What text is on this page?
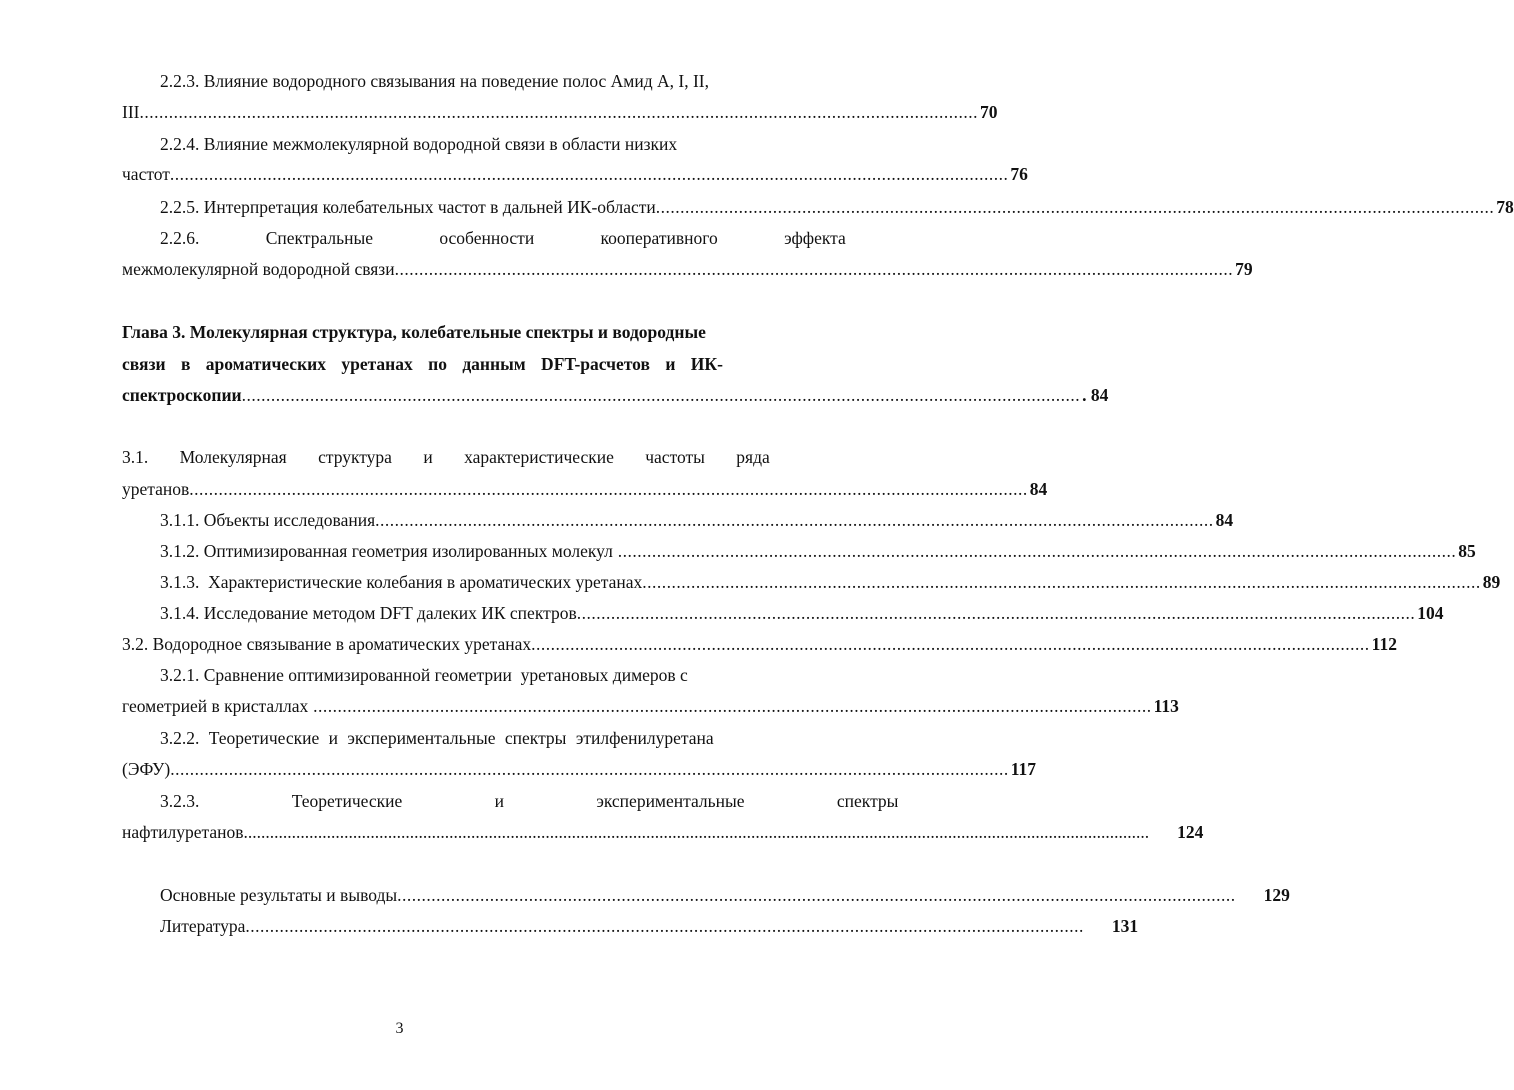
2.2.3. Влияние водородного связывания на поведение полос Амид А, I, II,
III ............................................................................................................................................................................ 70
2.2.4. Влияние межмолекулярной водородной связи в области низких
частот ............................................................................................................................................................................ 76
2.2.5. Интерпретация колебательных частот в дальней ИК-области ............................................................................................................................................................................ 78
2.2.6. Спектральные особенности кооперативного эффекта
межмолекулярной водородной связи ............................................................................................................................................................................ 79
Глава 3. Молекулярная структура, колебательные спектры и водородные
связи в ароматических уретанах по данным DFT-расчетов и ИК-
спектроскопии ............................................................................................................................................................................ . 84
3.1. Молекулярная структура и характеристические частоты ряда
уретанов ............................................................................................................................................................................ 84
3.1.1. Объекты исследования ............................................................................................................................................................................ 84
3.1.2. Оптимизированная геометрия изолированных молекул ............................................................................................................................................................................ 85
3.1.3.  Характеристические колебания в ароматических уретанах ............................................................................................................................................................................ 89
3.1.4. Исследование методом DFT далеких ИК спектров ............................................................................................................................................................................ 104
3.2. Водородное связывание в ароматических уретанах ............................................................................................................................................................................ 112
3.2.1. Сравнение оптимизированной геометрии  уретановых димеров с
геометрией в кристаллах ............................................................................................................................................................................ 113
3.2.2. Теоретические и экспериментальные спектры этилфенилуретана
(ЭФУ) ............................................................................................................................................................................ 117
3.2.3. Теоретические и экспериментальные спектры
нафтилуретанов ...............................................................................................................................................................................................................	124
Основные результаты и выводы ............................................................................................................................................................................	129
Литература ............................................................................................................................................................................	131
3
